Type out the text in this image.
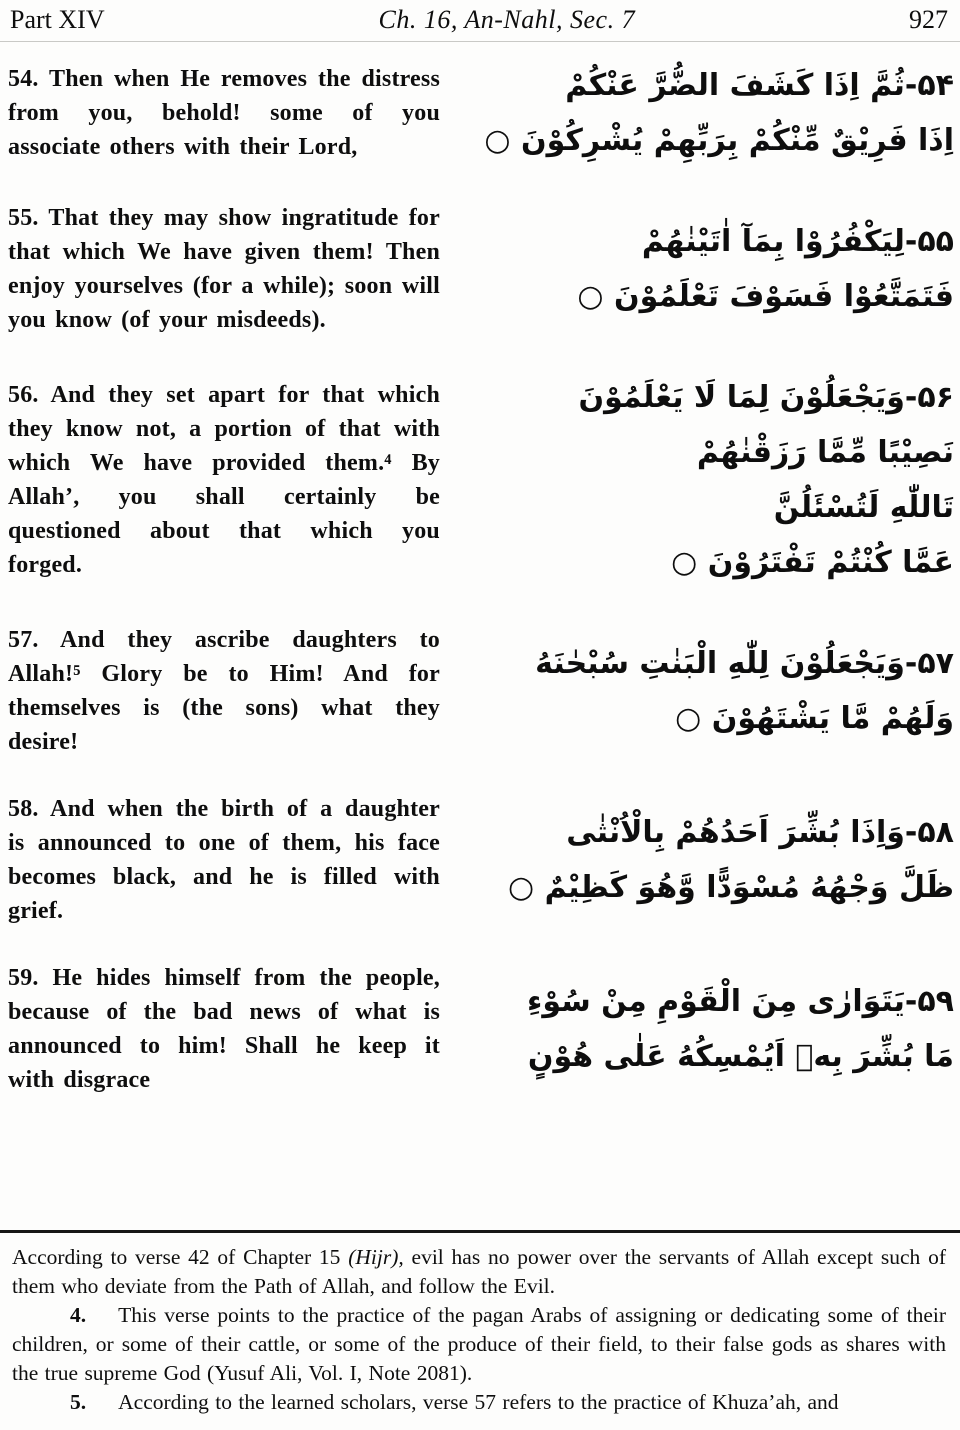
Part XIV	Ch. 16, An-Nahl, Sec. 7	927

54. Then when He removes the distress from you, behold! some of you associate others with their Lord,

۵۴-ثُمَّ اِذَا كَشَفَ الضُّرَّ عَنْكُمْ
اِذَا فَرِيْقٌ مِّنْكُمْ بِرَبِّهِمْ يُشْرِكُوْنَ ○

55. That they may show ingratitude for that which We have given them! Then enjoy yourselves (for a while); soon will you know (of your misdeeds).

۵۵-لِيَكْفُرُوْا بِمَآ اٰتَيْنٰهُمْ
فَتَمَتَّعُوْا فَسَوْفَ تَعْلَمُوْنَ ○

56. And they set apart for that which they know not, a portion of that with which We have provided them.⁴ By Allah’, you shall certainly be questioned about that which you forged.

۵۶-وَيَجْعَلُوْنَ لِمَا لَا يَعْلَمُوْنَ
نَصِيْبًا مِّمَّا رَزَقْنٰهُمْ
تَاللّٰهِ لَتُسْئَلُنَّ
عَمَّا كُنْتُمْ تَفْتَرُوْنَ ○

57. And they ascribe daughters to Allah!⁵ Glory be to Him! And for themselves is (the sons) what they desire!

۵۷-وَيَجْعَلُوْنَ لِلّٰهِ الْبَنٰتِ سُبْحٰنَهُ
وَلَهُمْ مَّا يَشْتَهُوْنَ ○

58. And when the birth of a daughter is announced to one of them, his face becomes black, and he is filled with grief.

۵۸-وَاِذَا بُشِّرَ اَحَدُهُمْ بِالْاُنْثٰى
ظَلَّ وَجْهُهُ مُسْوَدًّا وَّهُوَ كَظِيْمٌ ○

59. He hides himself from the people, because of the bad news of what is announced to him! Shall he keep it with disgrace

۵۹-يَتَوَارٰى مِنَ الْقَوْمِ مِنْ سُوْءِ
مَا بُشِّرَ بِهٖ اَيُمْسِكُهُ عَلٰى هُوْنٍ

According to verse 42 of Chapter 15 (Hijr), evil has no power over the servants of Allah except such of them who deviate from the Path of Allah, and follow the Evil.

4. This verse points to the practice of the pagan Arabs of assigning or dedicating some of their children, or some of their cattle, or some of the produce of their field, to their false gods as shares with the true supreme God (Yusuf Ali, Vol. I, Note 2081).

5. According to the learned scholars, verse 57 refers to the practice of Khuza’ah, and
